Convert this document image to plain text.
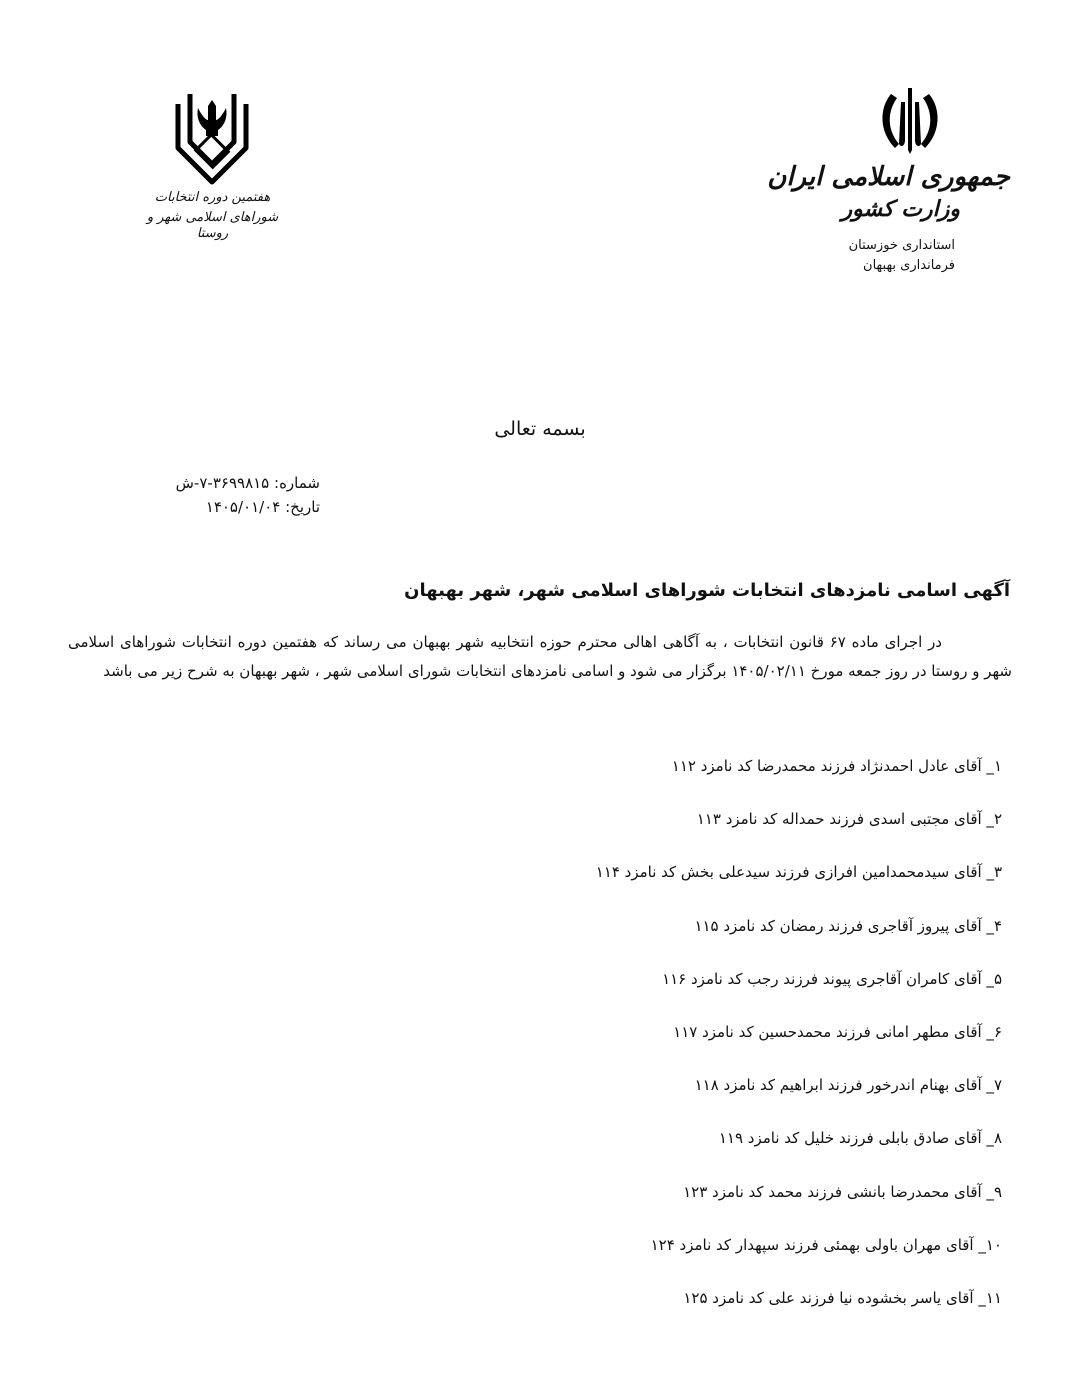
هفتمین دوره انتخابات
شوراهای اسلامی شهر و روستا
جمهوری اسلامی ایران
وزارت کشور
استانداری خوزستان
فرمانداری بهبهان
بسمه تعالی
شماره: ۳۶۹۹۸۱۵-۷-ش
تاریخ: ۱۴۰۵/۰۱/۰۴
آگهی اسامی نامزدهای انتخابات شوراهای اسلامی شهر، شهر بهبهان

در اجرای ماده ۶۷ قانون انتخابات ، به آگاهی اهالی محترم حوزه انتخابیه شهر بهبهان می رساند که هفتمین دوره انتخابات شوراهای اسلامی شهر و روستا در روز جمعه مورخ ۱۴۰۵/۰۲/۱۱ برگزار می شود و اسامی نامزدهای انتخابات شورای اسلامی شهر ، شهر بهبهان به شرح زیر می باشد

۱_ آقای عادل احمدنژاد فرزند محمدرضا کد نامزد ۱۱۲
۲_ آقای مجتبی اسدی فرزند حمداله کد نامزد ۱۱۳
۳_ آقای سیدمحمدامین افرازی فرزند سیدعلی بخش کد نامزد ۱۱۴
۴_ آقای پیروز آقاجری فرزند رمضان کد نامزد ۱۱۵
۵_ آقای کامران آقاجری پیوند فرزند رجب کد نامزد ۱۱۶
۶_ آقای مطهر امانی فرزند محمدحسین کد نامزد ۱۱۷
۷_ آقای بهنام اندرخور فرزند ابراهیم کد نامزد ۱۱۸
۸_ آقای صادق بابلی فرزند خلیل کد نامزد ۱۱۹
۹_ آقای محمدرضا بانشی فرزند محمد کد نامزد ۱۲۳
۱۰_ آقای مهران باولی بهمئی فرزند سپهدار کد نامزد ۱۲۴
۱۱_ آقای یاسر بخشوده نیا فرزند علی کد نامزد ۱۲۵
